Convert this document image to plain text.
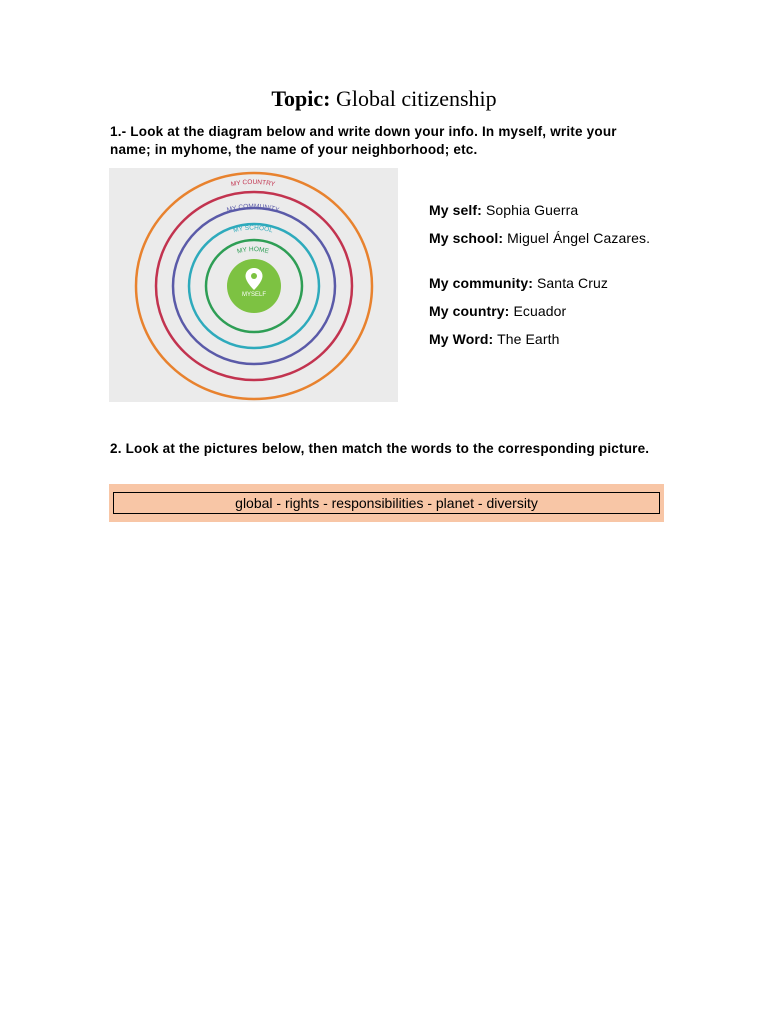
Topic: Global citizenship
1.- Look at the diagram below and write down your info. In myself, write your name; in myhome, the name of your neighborhood; etc.
MY COUNTRY
MY COMMUNITY
MY SCHOOL
MY HOME
MYSELF
My self: Sophia Guerra
My school: Miguel Ángel Cazares.
My community: Santa Cruz
My country: Ecuador
My Word: The Earth
2. Look at the pictures below, then match the words to the corresponding picture.
global - rights - responsibilities - planet - diversity
